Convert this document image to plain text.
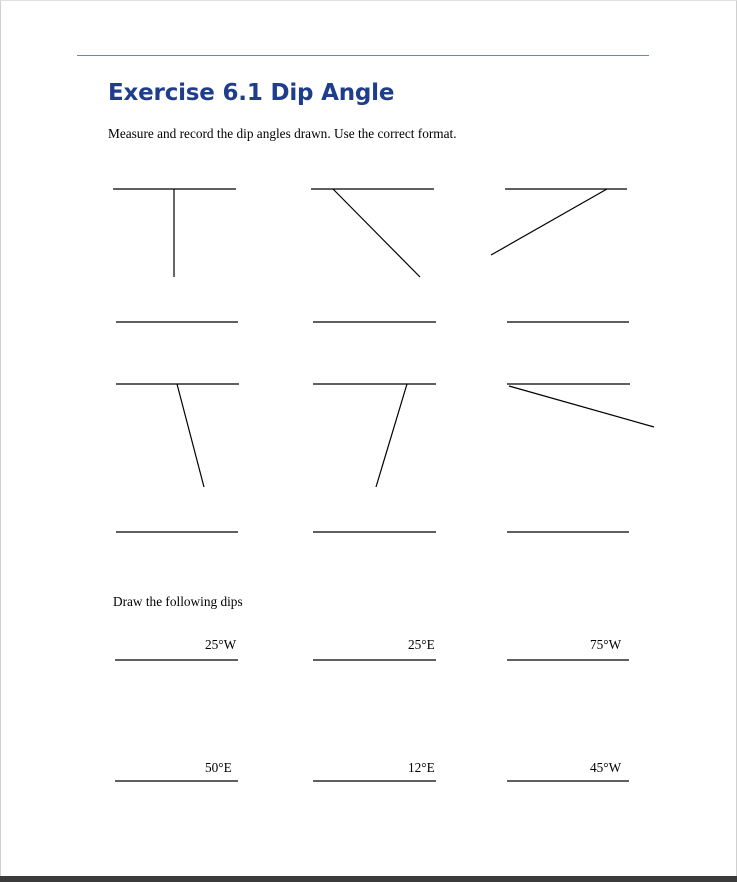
Exercise 6.1 Dip Angle
Measure and record the dip angles drawn. Use the correct format.
Draw the following dips
25°W	25°E	75°W
50°E	12°E	45°W
